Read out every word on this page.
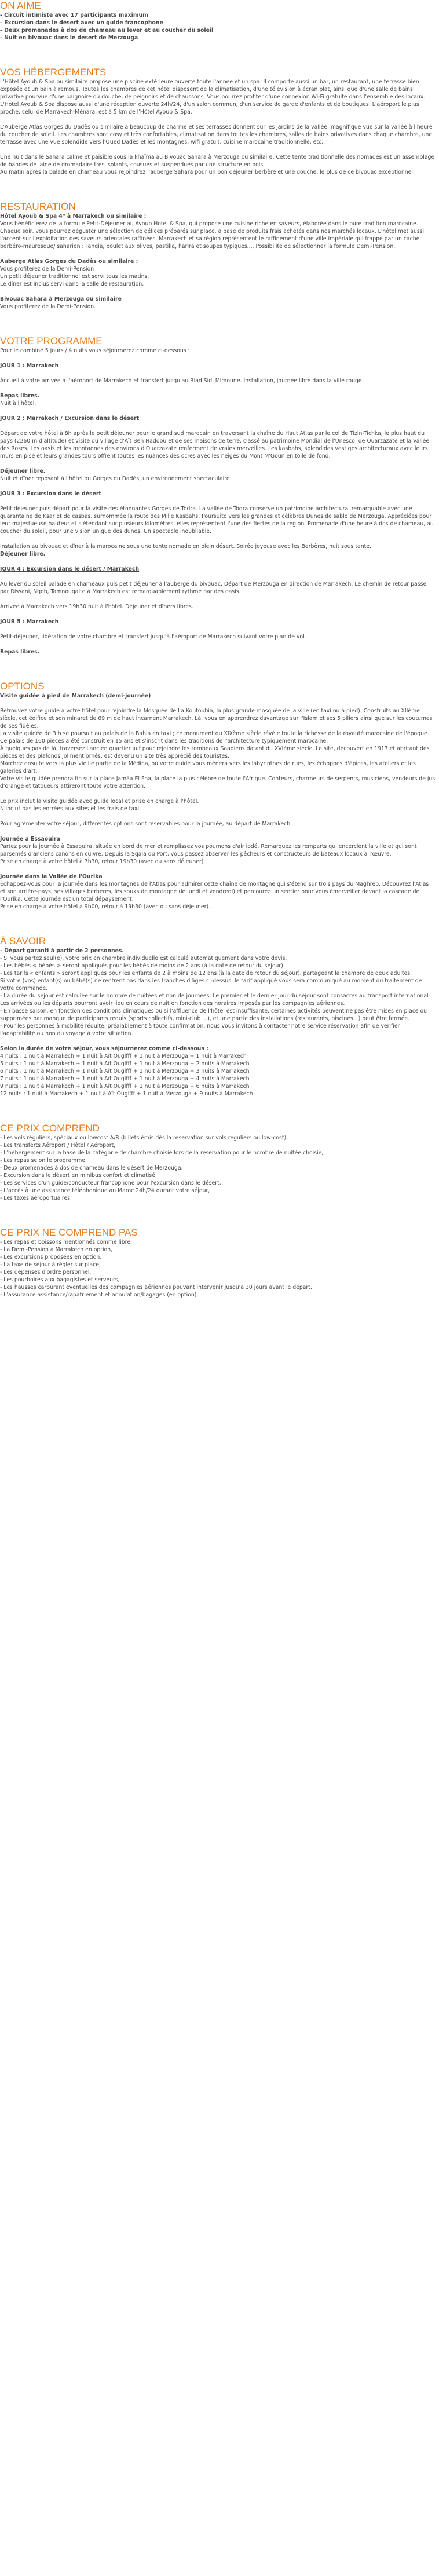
ON AIME

- Circuit intimiste avec 17 participants maximum

- Excursion dans le désert avec un guide francophone

- Deux promenades à dos de chameau au lever et au coucher du soleil

- Nuit en bivouac dans le désert de Merzouga

VOS HÉBERGEMENTS

L'Hôtel Ayoub & Spa ou similaire propose une piscine extérieure ouverte toute l'année et un spa. Il comporte aussi un bar, un restaurant, une terrasse bien exposée et un bain à remous. Toutes les chambres de cet hôtel disposent de la climatisation, d'une télévision à écran plat, ainsi que d'une salle de bains privative pourvue d'une baignoire ou douche, de peignoirs et de chaussons. Vous pourrez profiter d'une connexion Wi-Fi gratuite dans l'ensemble des locaux.

L'Hotel Ayoub & Spa dispose aussi d'une réception ouverte 24h/24, d'un salon commun, d'un service de garde d'enfants et de boutiques. L'aéroport le plus proche, celui de Marrakech-Ménara, est à 5 km de l'Hôtel Ayoub & Spa.

L'Auberge Atlas Gorges du Dadès ou similaire a beaucoup de charme et ses terrasses donnent sur les jardins de la vallée, magnifique vue sur la vallée à l'heure du coucher de soleil. Les chambres sont cosy et très confortables, climatisation dans toutes les chambres, salles de bains privatives dans chaque chambre, une terrasse avec une vue splendide vers l'Oued Dadès et les montagnes, wifi gratuit, cuisine marocaine traditionnelle, etc..

Une nuit dans le Sahara calme et paisible sous la khaïma au Bivouac Sahara à Merzouga ou similaire. Cette tente traditionnelle des nomades est un assemblage de bandes de laine de dromadaire très isolants, cousues et suspendues par une structure en bois.

Au matin après la balade en chameau vous rejoindrez l'auberge Sahara pour un bon déjeuner berbère et une douche, le plus de ce bivouac exceptionnel.

RESTAURATION

Hôtel Ayoub & Spa 4* à Marrakech ou similaire :

Vous bénéficierez de la formule Petit-Déjeuner au Ayoub Hotel & Spa, qui propose une cuisine riche en saveurs, élaborée dans le pure tradition marocaine. Chaque soir, vous pourrez déguster une sélection de délices préparés sur place, à base de produits frais achetés dans nos marchés locaux. L'hôtel met aussi l'accent sur l'exploitation des saveurs orientales raffinées. Marrakech et sa région représentent le raffinement d'une ville impériale qui frappe par un cache berbéro-mauresque/ saharien : Tangia, poulet aux olives, pastilla, harira et soupes typiques..., Possibilité de sélectionner la formule Demi-Pension.

Auberge Atlas Gorges du Dadès ou similaire :

Vous profiterez de la Demi-Pension

Un petit déjeuner traditionnel est servi tous les matins.

Le dîner est inclus servi dans la salle de restauration.

Bivouac Sahara à Merzouga ou similaire

Vous profiterez de la Demi-Pension.

VOTRE PROGRAMME

Pour le combiné 5 jours / 4 nuits vous séjournerez comme ci-dessous :

JOUR 1 : Marrakech

Accueil à votre arrivée à l'aéroport de Marrakech et transfert jusqu'au Riad Sidi Mimoune. Installation, journée libre dans la ville rouge.

Repas libres.

Nuit à l'hôtel.

JOUR 2 : Marrakech / Excursion dans le désert

Départ de votre hôtel à 8h après le petit déjeuner pour le grand sud marocain en traversant la chaîne du Haut Atlas par le col de Tizin-Tichka, le plus haut du pays (2260 m d'altitude) et visite du village d'Aït Ben Haddou et de ses maisons de terre, classé au patrimoine Mondial de l'Unesco, de Ouarzazate et la Vallée des Roses. Les oasis et les montagnes des environs d'Ouarzazate renferment de vraies merveilles. Les kasbahs, splendides vestiges architecturaux avec leurs murs en pisé et leurs grandes tours offrent toutes les nuances des ocres avec les neiges du Mont M'Goun en toile de fond.

Déjeuner libre.

Nuit et dîner reposant à l'hôtel ou Gorges du Dadès, un environnement spectaculaire.

JOUR 3 : Excursion dans le désert

Petit déjeuner puis départ pour la visite des étonnantes Gorges de Todra. La vallée de Todra conserve un patrimoine architectural remarquable avec une quarantaine de Ksar et de casbas, surnommée la route des Mille Kasbahs. Poursuite vers les grandes et célèbres Dunes de sable de Merzouga. Appréciées pour leur majestueuse hauteur et s'étendant sur plusieurs kilomètres, elles représentent l'une des fiertés de la région. Promenade d'une heure à dos de chameau, au coucher du soleil, pour une vision unique des dunes. Un spectacle inoubliable.

Installation au bivouac et dîner à la marocaine sous une tente nomade en plein désert. Soirée joyeuse avec les Berbères, nuit sous tente.

Déjeuner libre.

JOUR 4 : Excursion dans le désert / Marrakech

Au lever du soleil balade en chameaux puis petit déjeuner à l'auberge du bivouac. Départ de Merzouga en direction de Marrakech. Le chemin de retour passe par Rissani, Nqob, Tamnougalte à Marrakech est remarquablement rythmé par des oasis.

Arrivée à Marrakech vers 19h30 nuit à l'hôtel. Déjeuner et dîners libres.

JOUR 5 : Marrakech

Petit-déjeuner, libération de votre chambre et transfert jusqu'à l'aéroport de Marrakech suivant votre plan de vol.

Repas libres.

OPTIONS

Visite guidée à pied de Marrakech (demi-journée)

Retrouvez votre guide à votre hôtel pour rejoindre la Mosquée de La Koutoubia, la plus grande mosquée de la ville (en taxi ou à pied). Construits au XIIème siècle, cet édifice et son minaret de 69 m de haut incarnent Marrakech. Là, vous en apprendrez davantage sur l'Islam et ses 5 piliers ainsi que sur les coutumes de ses fidèles.

La visite guidée de 3 h se poursuit au palais de la Bahia en taxi ; ce monument du XIXème siècle révèle toute la richesse de la royauté marocaine de l'époque. Ce palais de 160 pièces a été construit en 15 ans et s'inscrit dans les traditions de l'architecture typiquement marocaine.

À quelques pas de là, traversez l'ancien quartier juif pour rejoindre les tombeaux Saadiens datant du XVIème siècle. Le site, découvert en 1917 et abritant des pièces et des plafonds joliment ornés, est devenu un site très apprécié des touristes.

Marchez ensuite vers la plus vieille partie de la Médina, où votre guide vous mènera vers les labyrinthes de rues, les échoppes d'épices, les ateliers et les galeries d'art.

Votre visite guidée prendra fin sur la place Jamâa El Fna, la place la plus célèbre de toute l'Afrique. Conteurs, charmeurs de serpents, musiciens, vendeurs de jus d'orange et tatoueurs attireront toute votre attention.

Le prix inclut la visite guidée avec guide local et prise en charge à l'hôtel.

N'inclut pas les entrées aux sites et les frais de taxi.

Pour agrémenter votre séjour, différentes options sont réservables pour la journée, au départ de Marrakech.

Journée à Essaouira

Partez pour la journée à Essaouira, située en bord de mer et remplissez vos poumons d'air iodé. Remarquez les remparts qui encerclent la ville et qui sont parsemés d'anciens canons en culvre. Depuis la Sqala du Port, vous passez observer les pêcheurs et constructeurs de bateaux locaux à l'œuvre.

Prise en charge à votre hôtel à 7h30, retour 19h30 (avec ou sans déjeuner).

Journée dans la Vallée de l'Ourika

Échappez-vous pour la journée dans les montagnes de l'Atlas pour admirer cette chaîne de montagne qui s'étend sur trois pays du Maghreb. Découvrez l'Atlas et son arrière-pays, ses villages berbères, les souks de montagne (le lundi et vendredi) et percourez un sentier pour vous émerveiller devant la cascade de l'Ourika. Cette journée est un total dépaysement.

Prise en charge à votre hôtel à 9h00, retour à 19h30 (avec ou sans déjeuner).

À SAVOIR

- Départ garanti à partir de 2 personnes.

- Si vous partez seul(e), votre prix en chambre individuelle est calculé automatiquement dans votre devis.

- Les bébés < bébés > seront appliqués pour les bébés de moins de 2 ans (à la date de retour du séjour).

- Les tarifs « enfants » seront appliqués pour les enfants de 2 à moins de 12 ans (à la date de retour du séjour), partageant la chambre de deux adultes.

Si votre (vos) enfant(s) ou bébé(s) ne rentrent pas dans les tranches d'âges ci-dessus, le tarif appliqué vous sera communiqué au moment du traitement de votre commande.

- La durée du séjour est calculée sur le nombre de nuitées et non de journées. Le premier et le dernier jour du séjour sont consacrés au transport international. Les arrivées ou les départs pourront avoir lieu en cours de nuit en fonction des horaires imposés par les compagnies aériennes.

- En basse saison, en fonction des conditions climatiques ou si l'affluence de l'hôtel est insuffisante, certaines activités peuvent ne pas être mises en place ou supprimées par manque de participants requis (sports collectifs, mini-club ...), et une partie des installations (restaurants, piscines...) peut être fermée.

- Pour les personnes à mobilité réduite, préalablement à toute confirmation, nous vous invitons à contacter notre service réservation afin de vérifier l'adaptabilité ou non du voyage à votre situation.

Selon la durée de votre séjour, vous séjournerez comme ci-dessous :

4 nuits : 1 nuit à Marrakech + 1 nuit à Aït Ouglfff + 1 nuit à Merzouga + 1 nuit à Marrakech

5 nuits : 1 nuit à Marrakech + 1 nuit à Aït Ouglfff + 1 nuit à Merzouga + 2 nuits à Marrakech

6 nuits : 1 nuit à Marrakech + 1 nuit à Aït Ouglfff + 1 nuit à Merzouga + 3 nuits à Marrakech

7 nuits : 1 nuit à Marrakech + 1 nuit à Aït Ouglfff + 1 nuit à Merzouga + 4 nuits à Marrakech

9 nuits : 1 nuit à Marrakech + 1 nuit à Aït Ouglfff + 1 nuit à Merzouga + 6 nuits à Marrakech

12 nuits : 1 nuit à Marrakech + 1 nuit à Aït Ouglfff + 1 nuit à Merzouga + 9 nuits à Marrakech

CE PRIX COMPREND

- Les vols réguliers, spéciaux ou lowcost A/R (billets émis dès la réservation sur vols réguliers ou low-cost),

- Les transferts Aéroport / Hôtel / Aéroport,

- L'hébergement sur la base de la catégorie de chambre choisie lors de la réservation pour le nombre de nuitée choisie,

- Les repas selon le programme,

- Deux promenades à dos de chameau dans le désert de Merzouga,

- Excursion dans le désert en minibus confort et climatisé,

- Les services d'un guide/conducteur francophone pour l'excursion dans le désert,

- L'accès à une assistance téléphonique au Maroc 24h/24 durant votre séjour,

- Les taxes aéroportuaires.

CE PRIX NE COMPREND PAS

- Les repas et boissons mentionnés comme libre,

- La Demi-Pension à Marrakech en option,

- Les excursions proposées en option,

- La taxe de séjour à régler sur place,

- Les dépenses d'ordre personnel,

- Les pourboires aux bagagistes et serveurs,

- Les hausses carburant éventuelles des compagnies aériennes pouvant intervenir jusqu'à 30 jours avant le départ,

- L'assurance assistance/rapatriement et annulation/bagages (en option).
